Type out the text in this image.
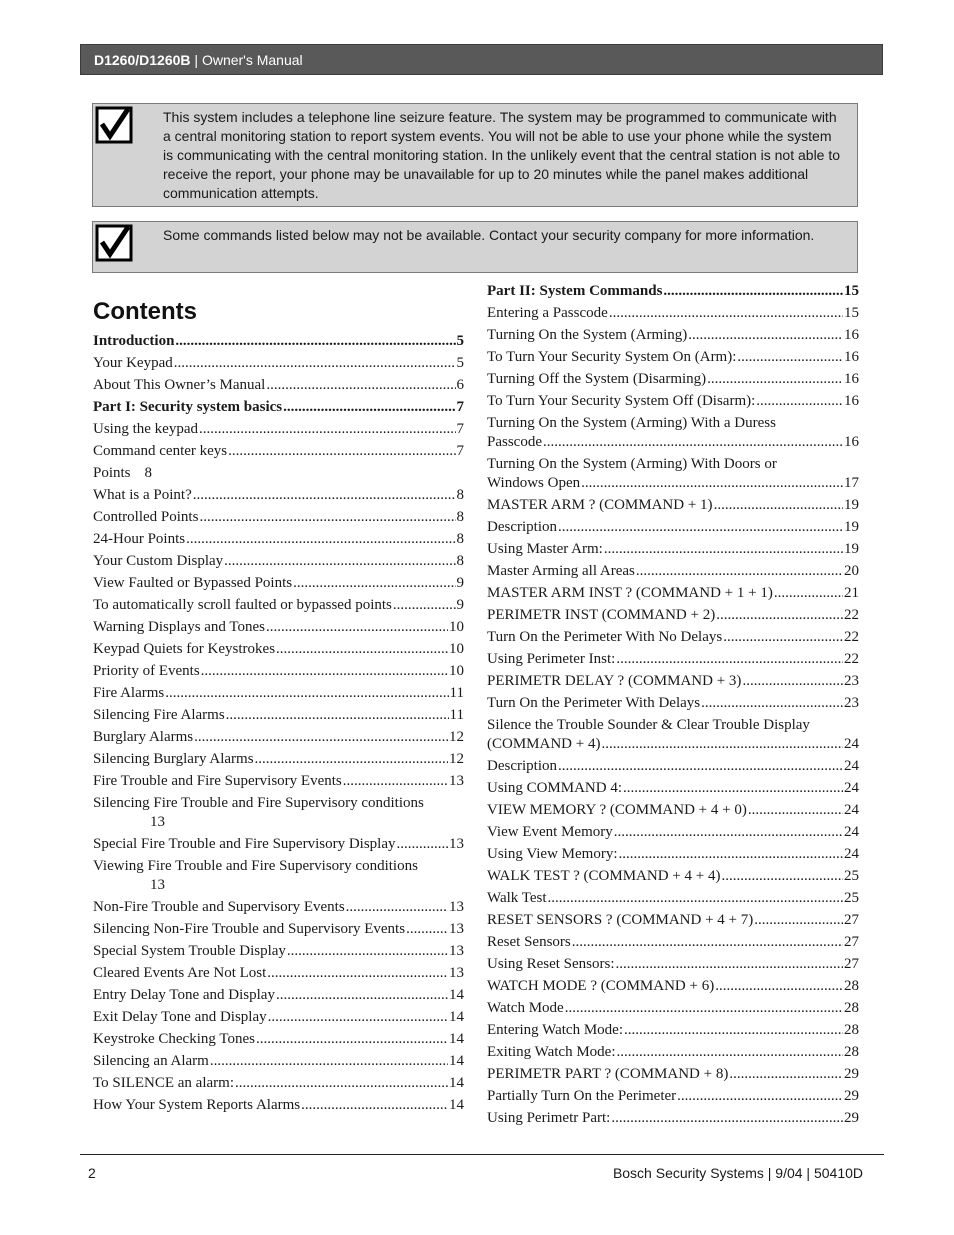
D1260/D1260B | Owner's Manual
This system includes a telephone line seizure feature. The system may be programmed to communicate with a central monitoring station to report system events. You will not be able to use your phone while the system is communicating with the central monitoring station. In the unlikely event that the central station is not able to receive the report, your phone may be unavailable for up to 20 minutes while the panel makes additional communication attempts.
Some commands listed below may not be available. Contact your security company for more information.
Contents
Introduction .....	5
Your Keypad .....	5
About This Owner’s Manual .....	6
Part I: Security system basics .....	7
Using the keypad .....	7
Command center keys .....	7
Points 8
What is a Point? .....	8
Controlled Points .....	8
24-Hour Points .....	8
Your Custom Display .....	8
View Faulted or Bypassed Points .....	9
To automatically scroll faulted or bypassed points .....	9
Warning Displays and Tones .....	10
Keypad Quiets for Keystrokes .....	10
Priority of Events .....	10
Fire Alarms .....	11
Silencing Fire Alarms .....	11
Burglary Alarms .....	12
Silencing Burglary Alarms .....	12
Fire Trouble and Fire Supervisory Events .....	13
Silencing Fire Trouble and Fire Supervisory conditions
13
Special Fire Trouble and Fire Supervisory Display .....	13
Viewing Fire Trouble and Fire Supervisory conditions
13
Non-Fire Trouble and Supervisory Events .....	13
Silencing Non-Fire Trouble and Supervisory Events .....	13
Special System Trouble Display .....	13
Cleared Events Are Not Lost .....	13
Entry Delay Tone and Display .....	14
Exit Delay Tone and Display .....	14
Keystroke Checking Tones .....	14
Silencing an Alarm .....	14
To SILENCE an alarm: .....	14
How Your System Reports Alarms .....	14
Part II: System Commands .....	15
Entering a Passcode .....	15
Turning On the System (Arming) .....	16
To Turn Your Security System On (Arm): .....	16
Turning Off the System (Disarming) .....	16
To Turn Your Security System Off (Disarm): .....	16
Turning On the System (Arming) With a Duress
Passcode .....	16
Turning On the System (Arming) With Doors or
Windows Open .....	17
MASTER ARM ? (COMMAND + 1) .....	19
Description .....	19
Using Master Arm: .....	19
Master Arming all Areas .....	20
MASTER ARM INST ? (COMMAND + 1 + 1) .....	21
PERIMETR INST (COMMAND + 2) .....	22
Turn On the Perimeter With No Delays .....	22
Using Perimeter Inst: .....	22
PERIMETR DELAY ? (COMMAND + 3) .....	23
Turn On the Perimeter With Delays .....	23
Silence the Trouble Sounder & Clear Trouble Display
(COMMAND + 4) .....	24
Description .....	24
Using COMMAND 4: .....	24
VIEW MEMORY ? (COMMAND + 4 + 0) .....	24
View Event Memory .....	24
Using View Memory: .....	24
WALK TEST ? (COMMAND + 4 + 4) .....	25
Walk Test .....	25
RESET SENSORS ? (COMMAND + 4 + 7) .....	27
Reset Sensors .....	27
Using Reset Sensors: .....	27
WATCH MODE ? (COMMAND + 6) .....	28
Watch Mode .....	28
Entering Watch Mode: .....	28
Exiting Watch Mode: .....	28
PERIMETR PART ? (COMMAND + 8) .....	29
Partially Turn On the Perimeter .....	29
Using Perimetr Part: .....	29
2	Bosch Security Systems | 9/04 | 50410D
